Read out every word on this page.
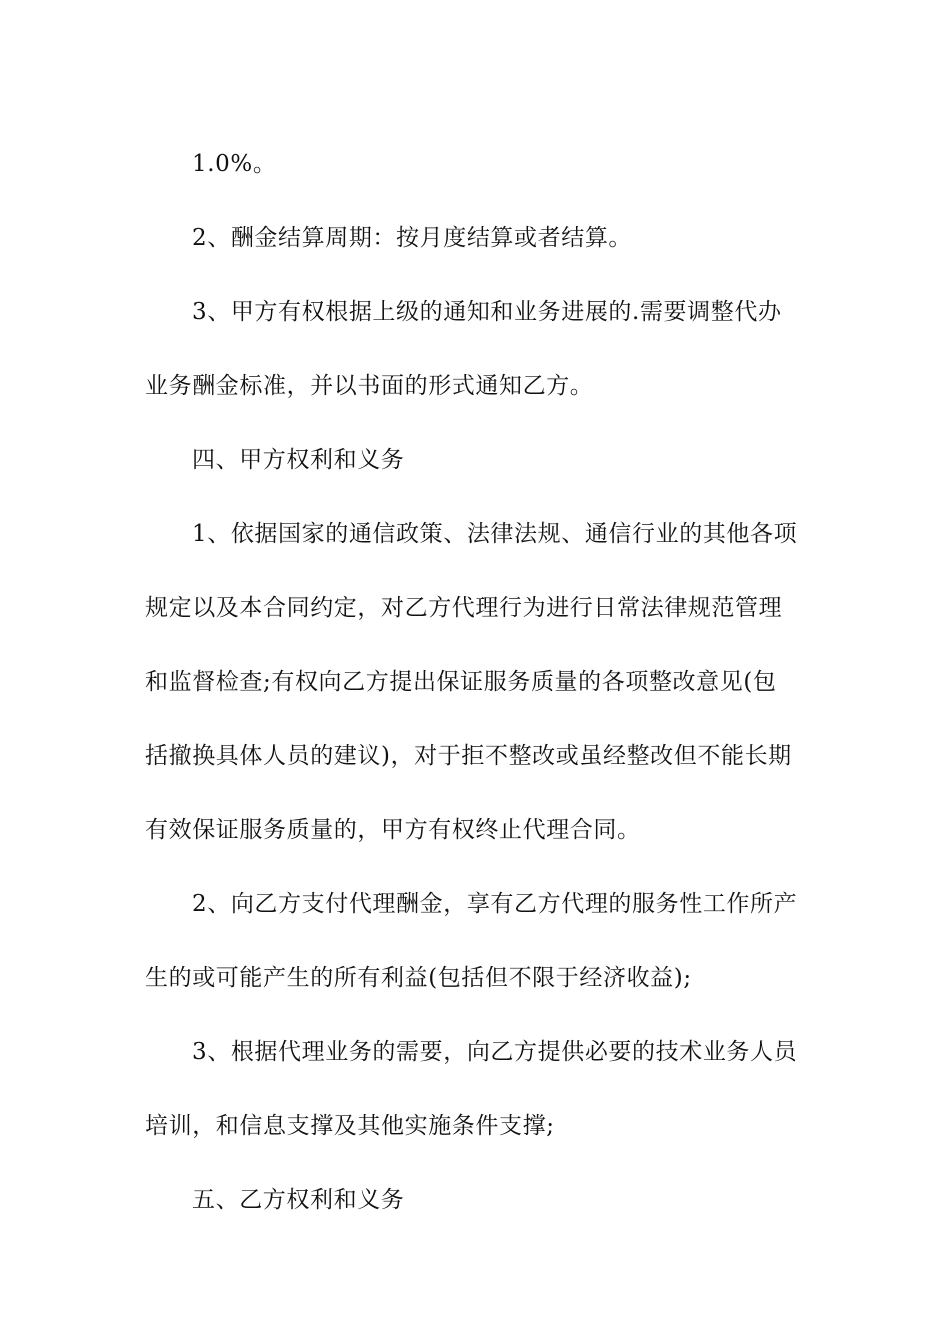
1.0%。

2、酬金结算周期：按月度结算或者结算。

3、甲方有权根据上级的通知和业务进展的.需要调整代办
业务酬金标准，并以书面的形式通知乙方。

四、甲方权利和义务

1、依据国家的通信政策、法律法规、通信行业的其他各项
规定以及本合同约定，对乙方代理行为进行日常法律规范管理
和监督检查;有权向乙方提出保证服务质量的各项整改意见(包
括撤换具体人员的建议)，对于拒不整改或虽经整改但不能长期
有效保证服务质量的，甲方有权终止代理合同。

2、向乙方支付代理酬金，享有乙方代理的服务性工作所产
生的或可能产生的所有利益(包括但不限于经济收益);

3、根据代理业务的需要，向乙方提供必要的技术业务人员
培训，和信息支撑及其他实施条件支撑;

五、乙方权利和义务
